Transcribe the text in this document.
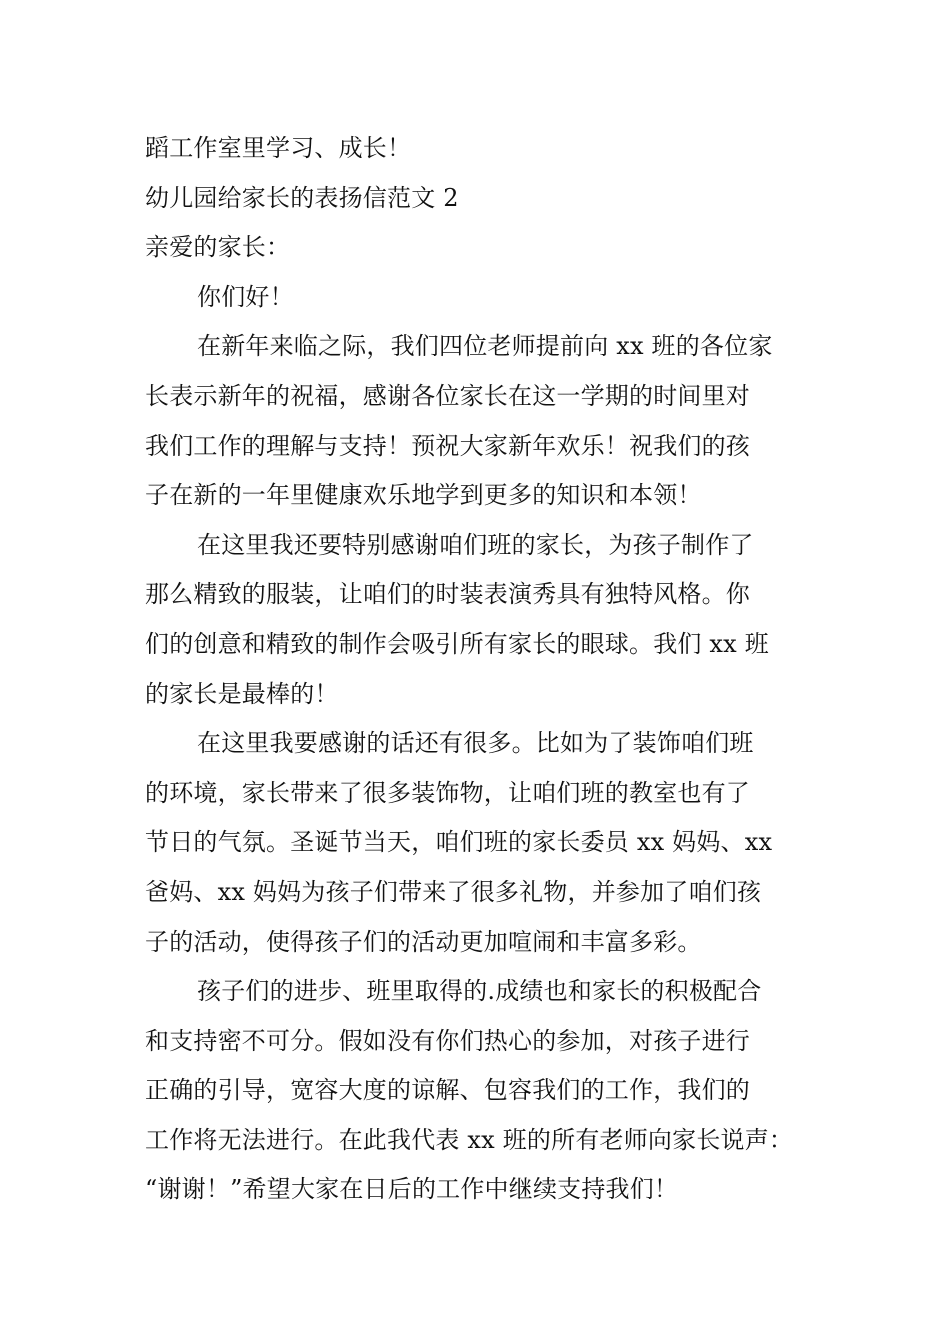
蹈工作室里学习、成长！
幼儿园给家长的表扬信范文 2
亲爱的家长：
你们好！
在新年来临之际，我们四位老师提前向 xx 班的各位家
长表示新年的祝福，感谢各位家长在这一学期的时间里对
我们工作的理解与支持！预祝大家新年欢乐！祝我们的孩
子在新的一年里健康欢乐地学到更多的知识和本领！
在这里我还要特别感谢咱们班的家长，为孩子制作了
那么精致的服装，让咱们的时装表演秀具有独特风格。你
们的创意和精致的制作会吸引所有家长的眼球。我们 xx 班
的家长是最棒的！
在这里我要感谢的话还有很多。比如为了装饰咱们班
的环境，家长带来了很多装饰物，让咱们班的教室也有了
节日的气氛。圣诞节当天，咱们班的家长委员 xx 妈妈、xx
爸妈、xx 妈妈为孩子们带来了很多礼物，并参加了咱们孩
子的活动，使得孩子们的活动更加喧闹和丰富多彩。
孩子们的进步、班里取得的.成绩也和家长的积极配合
和支持密不可分。假如没有你们热心的参加，对孩子进行
正确的引导，宽容大度的谅解、包容我们的工作，我们的
工作将无法进行。在此我代表 xx 班的所有老师向家长说声：
“谢谢！”希望大家在日后的工作中继续支持我们！
